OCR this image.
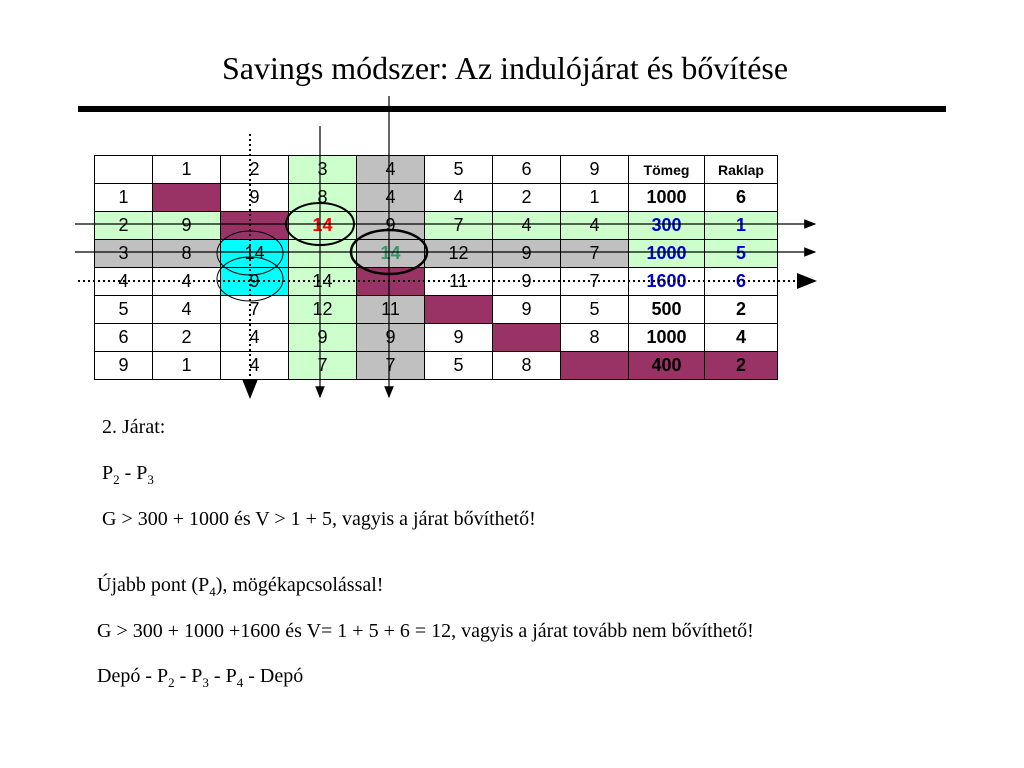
Savings módszer: Az indulójárat és bővítése
	1	2	3	4	5	6	9	Tömeg	Raklap
1		9	8	4	4	2	1	1000	6
2	9		14	9	7	4	4	300	1
3	8	14		14	12	9	7	1000	5
4	4	9	14		11	9	7	1600	6
5	4	7	12	11		9	5	500	2
6	2	4	9	9	9		8	1000	4
9	1	4	7	7	5	8		400	2
2. Járat:
$P_2 - P_3$
G > 300 + 1000 és V > 1 + 5, vagyis a járat bővíthető!
Újabb pont $(P_4)$, mögékapcsolással!
G > 300 + 1000 +1600 és V= 1 + 5 + 6 = 12, vagyis a járat tovább nem bővíthető!
Depó - $P_2 - P_3 - P_4$ - Depó
